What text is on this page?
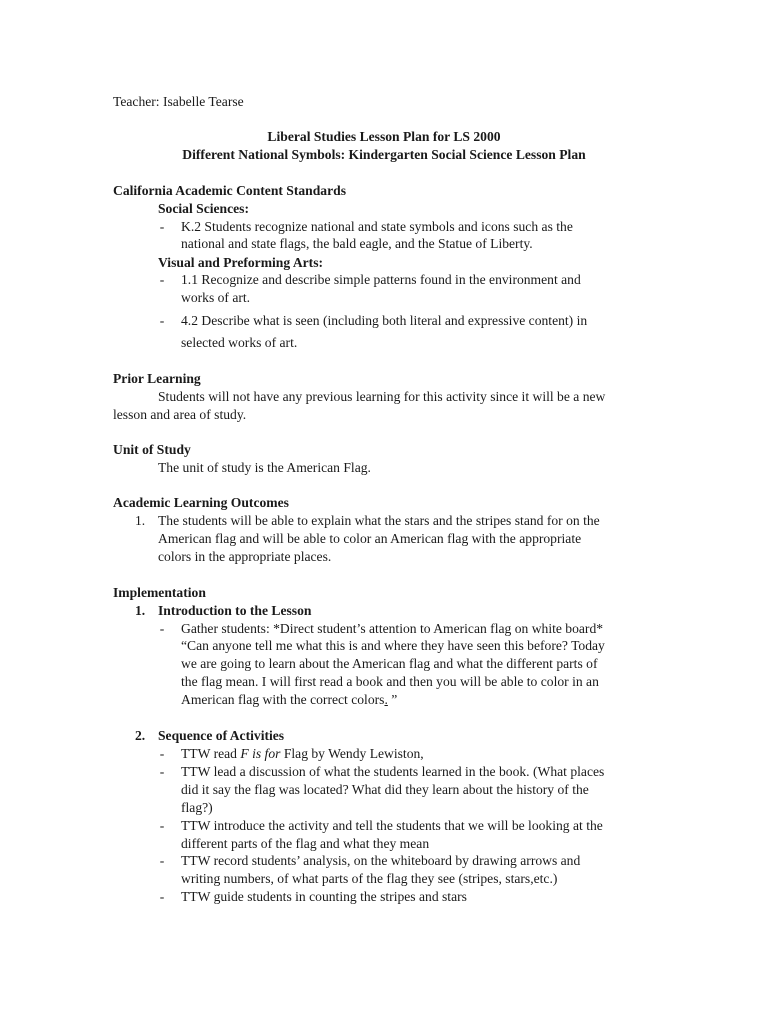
Teacher: Isabelle Tearse
Liberal Studies Lesson Plan for LS 2000
Different National Symbols: Kindergarten Social Science Lesson Plan
California Academic Content Standards
Social Sciences:
-	K.2 Students recognize national and state symbols and icons such as the
national and state flags, the bald eagle, and the Statue of Liberty.
Visual and Preforming Arts:
-	1.1 Recognize and describe simple patterns found in the environment and
works of art.
-	4.2 Describe what is seen (including both literal and expressive content) in
selected works of art.
Prior Learning
Students will not have any previous learning for this activity since it will be a new
lesson and area of study.
Unit of Study
The unit of study is the American Flag.
Academic Learning Outcomes
1. The students will be able to explain what the stars and the stripes stand for on the
American flag and will be able to color an American flag with the appropriate
colors in the appropriate places.
Implementation
1. Introduction to the Lesson
-	Gather students: *Direct student’s attention to American flag on white board*
“Can anyone tell me what this is and where they have seen this before? Today
we are going to learn about the American flag and what the different parts of
the flag mean. I will first read a book and then you will be able to color in an
American flag with the correct colors. ”
2. Sequence of Activities
-	TTW read F is for Flag by Wendy Lewiston,
-	TTW lead a discussion of what the students learned in the book. (What places
did it say the flag was located? What did they learn about the history of the
flag?)
-	TTW introduce the activity and tell the students that we will be looking at the
different parts of the flag and what they mean
-	TTW record students’ analysis, on the whiteboard by drawing arrows and
writing numbers, of what parts of the flag they see (stripes, stars,etc.)
-	TTW guide students in counting the stripes and stars
